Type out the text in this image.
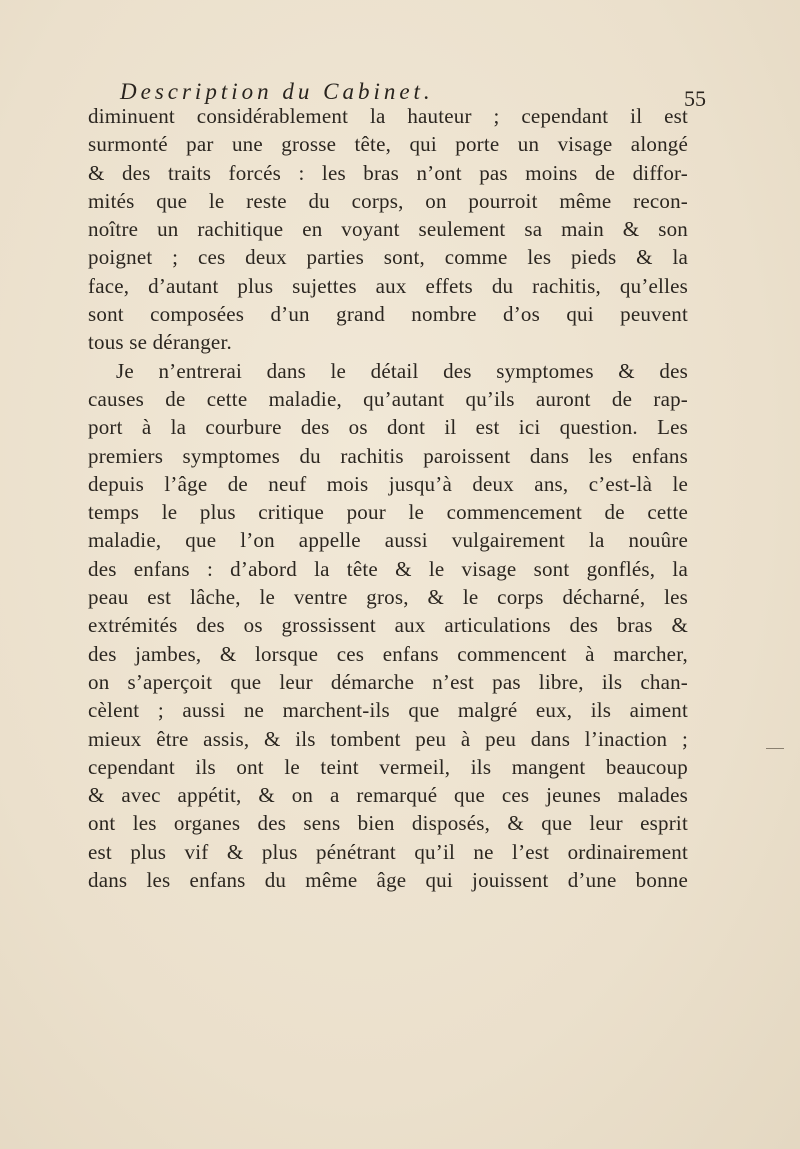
Description du Cabinet.	55
diminuent considérablement la hauteur ; cependant il est
surmonté par une grosse tête, qui porte un visage alongé
& des traits forcés : les bras n’ont pas moins de diffor-
mités que le reste du corps, on pourroit même recon-
noître un rachitique en voyant seulement sa main & son
poignet ; ces deux parties sont, comme les pieds & la
face, d’autant plus sujettes aux effets du rachitis, qu’elles
sont composées d’un grand nombre d’os qui peuvent
tous se déranger.
Je n’entrerai dans le détail des symptomes & des
causes de cette maladie, qu’autant qu’ils auront de rap-
port à la courbure des os dont il est ici question. Les
premiers symptomes du rachitis paroissent dans les enfans
depuis l’âge de neuf mois jusqu’à deux ans, c’est-là le
temps le plus critique pour le commencement de cette
maladie, que l’on appelle aussi vulgairement la nouûre
des enfans : d’abord la tête & le visage sont gonflés, la
peau est lâche, le ventre gros, & le corps décharné, les
extrémités des os grossissent aux articulations des bras &
des jambes, & lorsque ces enfans commencent à marcher,
on s’aperçoit que leur démarche n’est pas libre, ils chan-
cèlent ; aussi ne marchent-ils que malgré eux, ils aiment
mieux être assis, & ils tombent peu à peu dans l’inaction ;
cependant ils ont le teint vermeil, ils mangent beaucoup
& avec appétit, & on a remarqué que ces jeunes malades
ont les organes des sens bien disposés, & que leur esprit
est plus vif & plus pénétrant qu’il ne l’est ordinairement
dans les enfans du même âge qui jouissent d’une bonne
